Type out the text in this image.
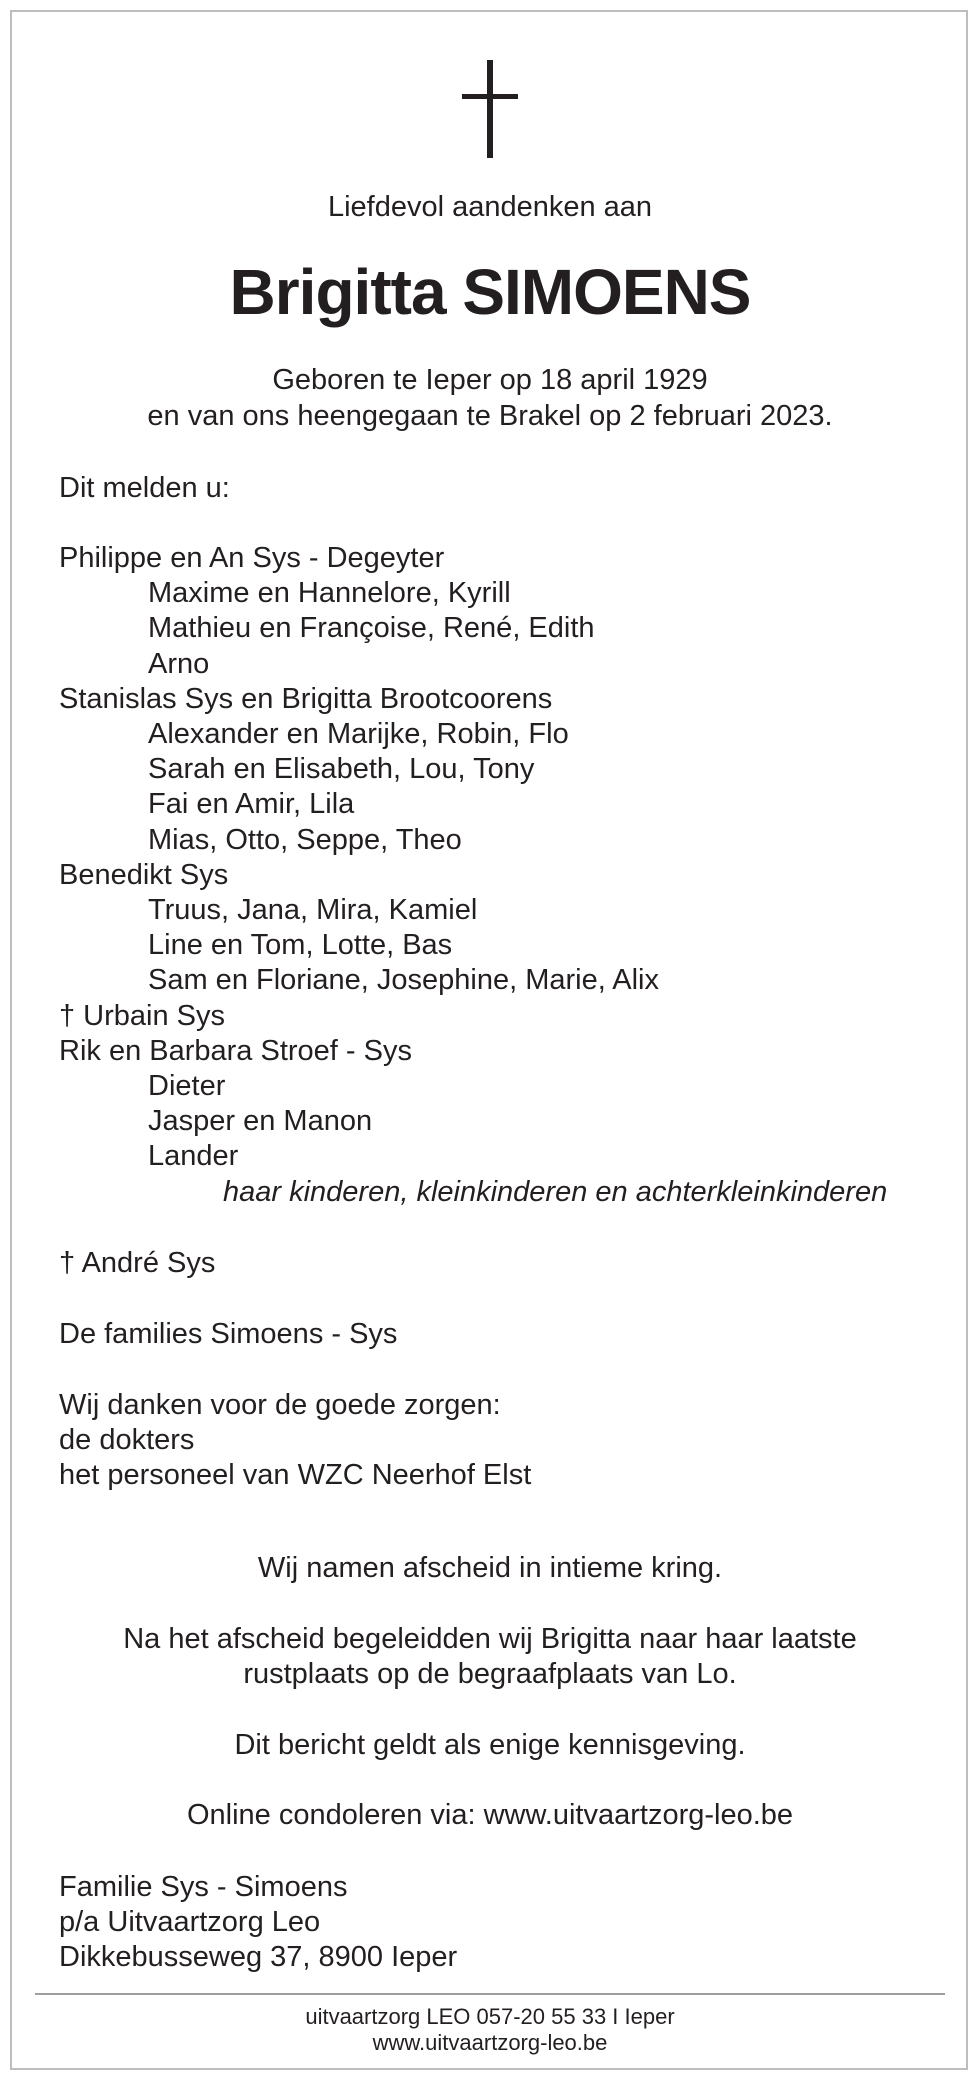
Liefdevol aandenken aan
Brigitta SIMOENS
Geboren te Ieper op 18 april 1929
en van ons heengegaan te Brakel op 2 februari 2023.
Dit melden u:
Philippe en An Sys - Degeyter
Maxime en Hannelore, Kyrill
Mathieu en Françoise, René, Edith
Arno
Stanislas Sys en Brigitta Brootcoorens
Alexander en Marijke, Robin, Flo
Sarah en Elisabeth, Lou, Tony
Fai en Amir, Lila
Mias, Otto, Seppe, Theo
Benedikt Sys
Truus, Jana, Mira, Kamiel
Line en Tom, Lotte, Bas
Sam en Floriane, Josephine, Marie, Alix
† Urbain Sys
Rik en Barbara Stroef - Sys
Dieter
Jasper en Manon
Lander
haar kinderen, kleinkinderen en achterkleinkinderen
† André Sys
De families Simoens - Sys
Wij danken voor de goede zorgen:
de dokters
het personeel van WZC Neerhof Elst
Wij namen afscheid in intieme kring.
Na het afscheid begeleidden wij Brigitta naar haar laatste
rustplaats op de begraafplaats van Lo.
Dit bericht geldt als enige kennisgeving.
Online condoleren via: www.uitvaartzorg-leo.be
Familie Sys - Simoens
p/a Uitvaartzorg Leo
Dikkebusseweg 37, 8900 Ieper
uitvaartzorg LEO 057-20 55 33 I Ieper
www.uitvaartzorg-leo.be
